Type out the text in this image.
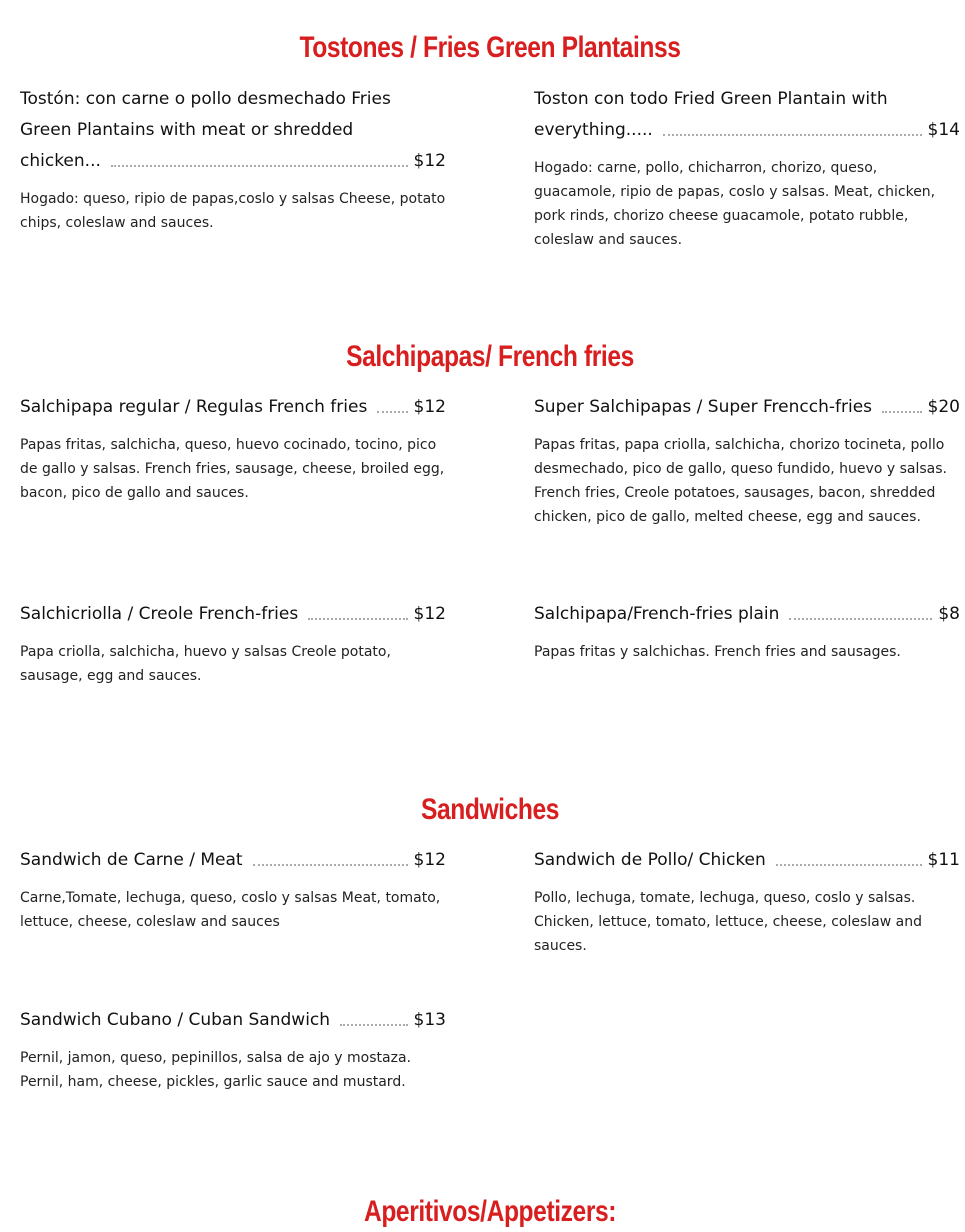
Tostones / Fries Green Plantainss
Tostón: con carne o pollo desmechado Fries
Green Plantains with meat or shredded
chicken...	$12

Hogado: queso, ripio de papas,coslo y salsas Cheese, potato chips, coleslaw and sauces.

Toston con todo Fried Green Plantain with
everything.....	$14

Hogado: carne, pollo, chicharron, chorizo, queso, guacamole, ripio de papas, coslo y salsas. Meat, chicken, pork rinds, chorizo cheese guacamole, potato rubble, coleslaw and sauces.

Salchipapas/ French fries
Salchipapa regular / Regulas French fries	$12

Papas fritas, salchicha, queso, huevo cocinado, tocino, pico de gallo y salsas. French fries, sausage, cheese, broiled egg, bacon, pico de gallo and sauces.

Super Salchipapas / Super Frencch-fries	$20

Papas fritas, papa criolla, salchicha, chorizo tocineta, pollo desmechado, pico de gallo, queso fundido, huevo y salsas. French fries, Creole potatoes, sausages, bacon, shredded chicken, pico de gallo, melted cheese, egg and sauces.

Salchicriolla / Creole French-fries	$12

Papa criolla, salchicha, huevo y salsas Creole potato, sausage, egg and sauces.

Salchipapa/French-fries plain	$8

Papas fritas y salchichas. French fries and sausages.

Sandwiches
Sandwich de Carne / Meat	$12

Carne,Tomate, lechuga, queso, coslo y salsas Meat, tomato, lettuce, cheese, coleslaw and sauces

Sandwich de Pollo/ Chicken	$11

Pollo, lechuga, tomate, lechuga, queso, coslo y salsas. Chicken, lettuce, tomato, lettuce, cheese, coleslaw and sauces.

Sandwich Cubano / Cuban Sandwich	$13

Pernil, jamon, queso, pepinillos, salsa de ajo y mostaza. Pernil, ham, cheese, pickles, garlic sauce and mustard.

Aperitivos/Appetizers:
